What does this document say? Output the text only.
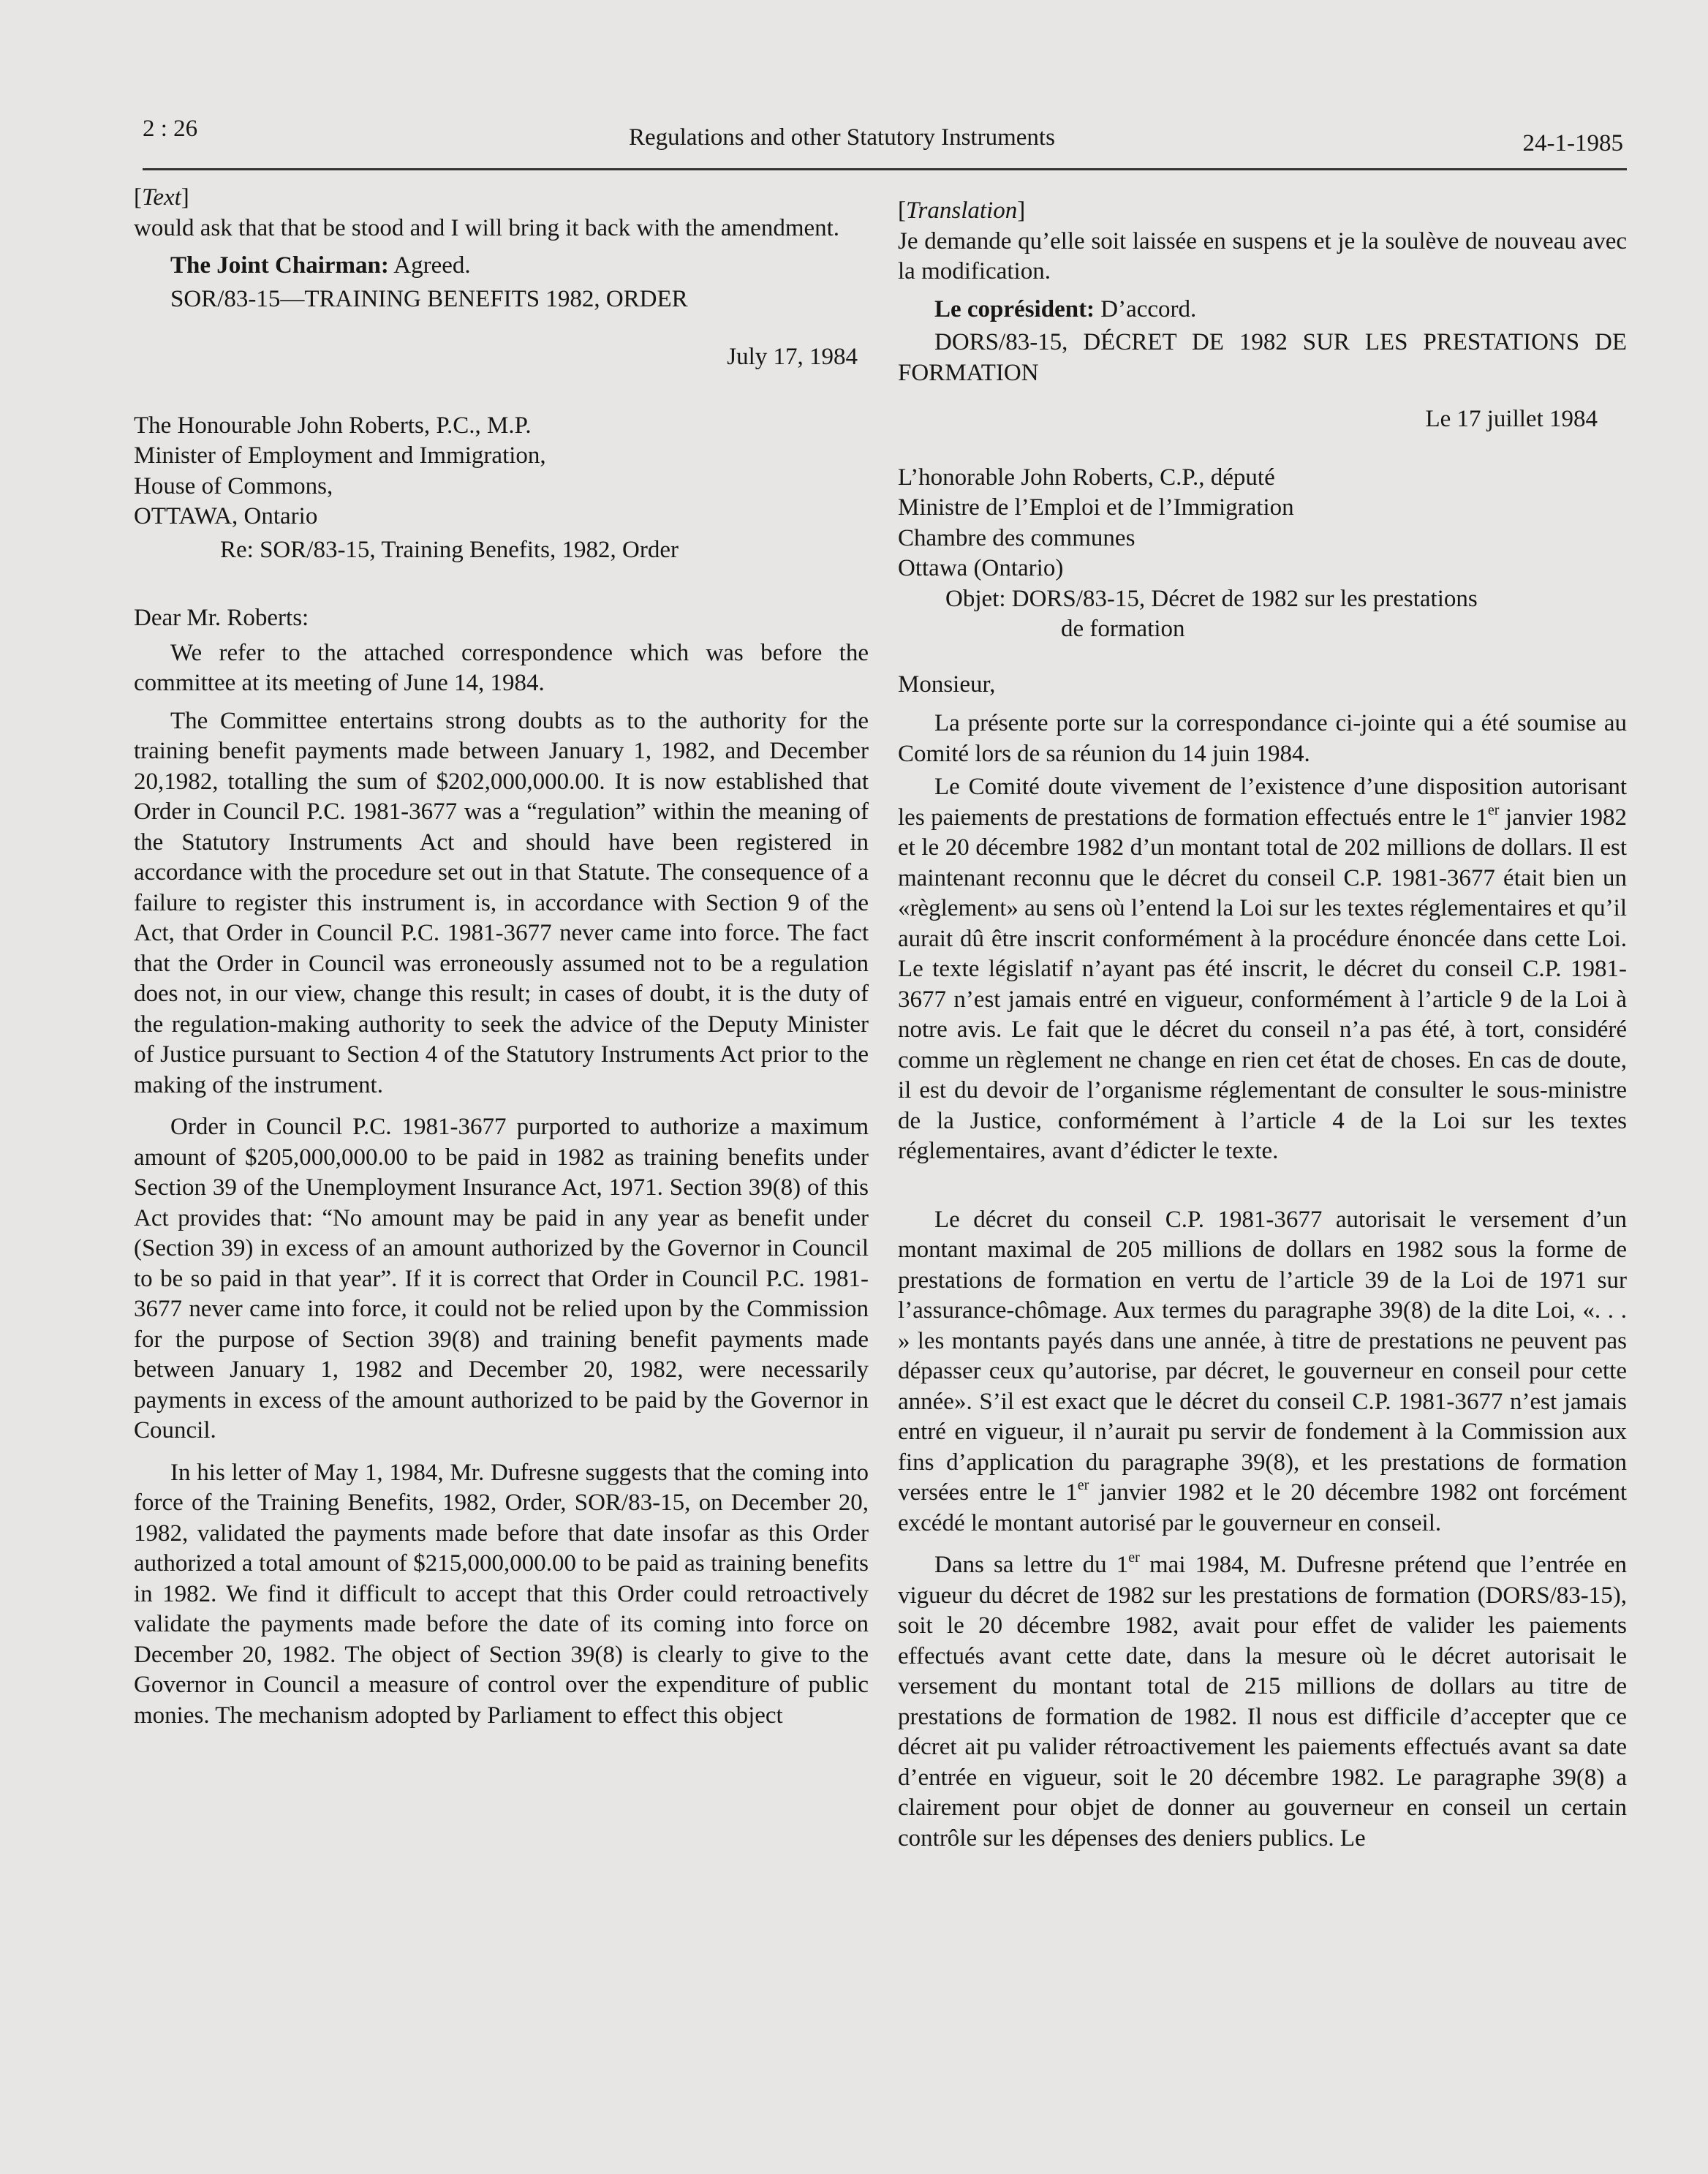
2 : 26	Regulations and other Statutory Instruments	24-1-1985

[Text]

would ask that that be stood and I will bring it back with the amendment.

The Joint Chairman: Agreed.

SOR/83-15—TRAINING BENEFITS 1982, ORDER

July 17, 1984

The Honourable John Roberts, P.C., M.P.

Minister of Employment and Immigration,

House of Commons,

OTTAWA, Ontario

Re: SOR/83-15, Training Benefits, 1982, Order

Dear Mr. Roberts:

We refer to the attached correspondence which was before the committee at its meeting of June 14, 1984.

The Committee entertains strong doubts as to the authority for the training benefit payments made between January 1, 1982, and December 20,1982, totalling the sum of $202,000,000.00. It is now established that Order in Council P.C. 1981-3677 was a “regulation” within the meaning of the Statutory Instruments Act and should have been registered in accordance with the procedure set out in that Statute. The consequence of a failure to register this instrument is, in accordance with Section 9 of the Act, that Order in Council P.C. 1981-3677 never came into force. The fact that the Order in Council was erroneously assumed not to be a regulation does not, in our view, change this result; in cases of doubt, it is the duty of the regulation-making authority to seek the advice of the Deputy Minister of Justice pursuant to Section 4 of the Statutory Instruments Act prior to the making of the instrument.

Order in Council P.C. 1981-3677 purported to authorize a maximum amount of $205,000,000.00 to be paid in 1982 as training benefits under Section 39 of the Unemployment Insurance Act, 1971. Section 39(8) of this Act provides that: “No amount may be paid in any year as benefit under (Section 39) in excess of an amount authorized by the Governor in Council to be so paid in that year”. If it is correct that Order in Council P.C. 1981-3677 never came into force, it could not be relied upon by the Commission for the purpose of Section 39(8) and training benefit payments made between January 1, 1982 and December 20, 1982, were necessarily payments in excess of the amount authorized to be paid by the Governor in Council.

In his letter of May 1, 1984, Mr. Dufresne suggests that the coming into force of the Training Benefits, 1982, Order, SOR/83-15, on December 20, 1982, validated the payments made before that date insofar as this Order authorized a total amount of $215,000,000.00 to be paid as training benefits in 1982. We find it difficult to accept that this Order could retroactively validate the payments made before the date of its coming into force on December 20, 1982. The object of Section 39(8) is clearly to give to the Governor in Council a measure of control over the expenditure of public monies. The mechanism adopted by Parliament to effect this object

[Translation]

Je demande qu’elle soit laissée en suspens et je la soulève de nouveau avec la modification.

Le coprésident: D’accord.

DORS/83-15, DÉCRET DE 1982 SUR LES PRESTATIONS DE FORMATION

Le 17 juillet 1984

L’honorable John Roberts, C.P., député

Ministre de l’Emploi et de l’Immigration

Chambre des communes

Ottawa (Ontario)

Objet: DORS/83-15, Décret de 1982 sur les prestations
de formation

Monsieur,

La présente porte sur la correspondance ci-jointe qui a été soumise au Comité lors de sa réunion du 14 juin 1984.

Le Comité doute vivement de l’existence d’une disposition autorisant les paiements de prestations de formation effectués entre le 1er janvier 1982 et le 20 décembre 1982 d’un montant total de 202 millions de dollars. Il est maintenant reconnu que le décret du conseil C.P. 1981-3677 était bien un «règlement» au sens où l’entend la Loi sur les textes réglementaires et qu’il aurait dû être inscrit conformément à la procédure énoncée dans cette Loi. Le texte législatif n’ayant pas été inscrit, le décret du conseil C.P. 1981-3677 n’est jamais entré en vigueur, conformément à l’article 9 de la Loi à notre avis. Le fait que le décret du conseil n’a pas été, à tort, considéré comme un règlement ne change en rien cet état de choses. En cas de doute, il est du devoir de l’organisme réglementant de consulter le sous-ministre de la Justice, conformément à l’article 4 de la Loi sur les textes réglementaires, avant d’édicter le texte.

Le décret du conseil C.P. 1981-3677 autorisait le versement d’un montant maximal de 205 millions de dollars en 1982 sous la forme de prestations de formation en vertu de l’article 39 de la Loi de 1971 sur l’assurance-chômage. Aux termes du paragraphe 39(8) de la dite Loi, «. . . » les montants payés dans une année, à titre de prestations ne peuvent pas dépasser ceux qu’autorise, par décret, le gouverneur en conseil pour cette année». S’il est exact que le décret du conseil C.P. 1981-3677 n’est jamais entré en vigueur, il n’aurait pu servir de fondement à la Commission aux fins d’application du paragraphe 39(8), et les prestations de formation versées entre le 1er janvier 1982 et le 20 décembre 1982 ont forcément excédé le montant autorisé par le gouverneur en conseil.

Dans sa lettre du 1er mai 1984, M. Dufresne prétend que l’entrée en vigueur du décret de 1982 sur les prestations de formation (DORS/83-15), soit le 20 décembre 1982, avait pour effet de valider les paiements effectués avant cette date, dans la mesure où le décret autorisait le versement du montant total de 215 millions de dollars au titre de prestations de formation de 1982. Il nous est difficile d’accepter que ce décret ait pu valider rétroactivement les paiements effectués avant sa date d’entrée en vigueur, soit le 20 décembre 1982. Le paragraphe 39(8) a clairement pour objet de donner au gouverneur en conseil un certain contrôle sur les dépenses des deniers publics. Le
